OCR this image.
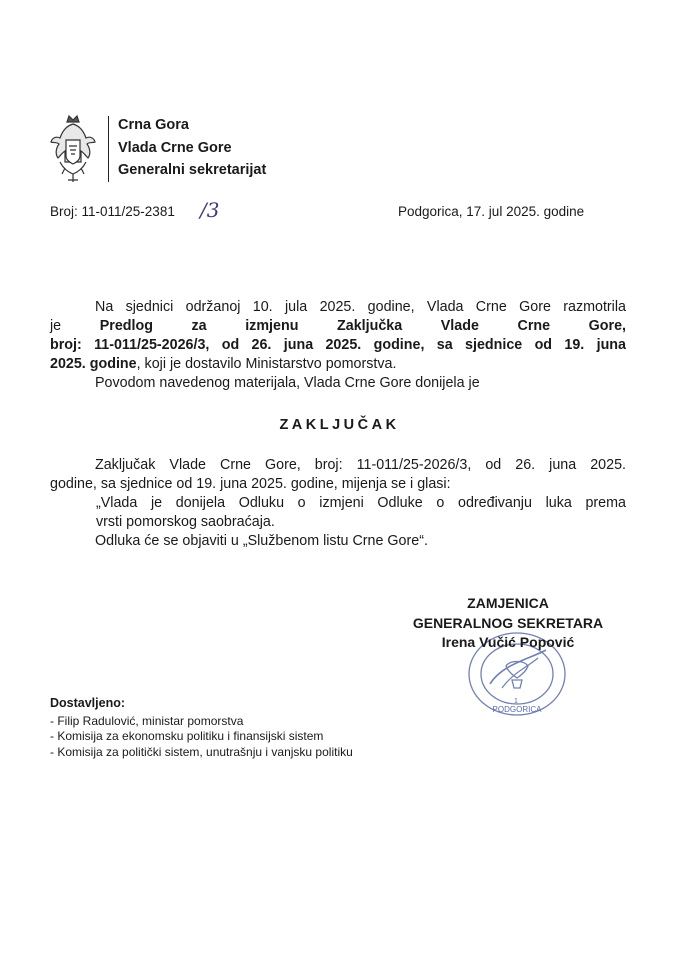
Crna Gora
Vlada Crne Gore
Generalni sekretarijat
Broj: 11-011/25-2381 /3	Podgorica, 17. jul 2025. godine
Na sjednici održanoj 10. jula 2025. godine, Vlada Crne Gore razmotrila
je Predlog za izmjenu Zaključka Vlade Crne Gore,
broj: 11-011/25-2026/3, od 26. juna 2025. godine, sa sjednice od 19. juna
2025. godine, koji je dostavilo Ministarstvo pomorstva.
Povodom navedenog materijala, Vlada Crne Gore donijela je
ZAKLJUČAK
Zaključak Vlade Crne Gore, broj: 11-011/25-2026/3, od 26. juna 2025.
godine, sa sjednice od 19. juna 2025. godine, mijenja se i glasi:
„Vlada je donijela Odluku o izmjeni Odluke o određivanju luka prema
vrsti pomorskog saobraćaja.
Odluka će se objaviti u „Službenom listu Crne Gore“.
1
PODGORICA
ZAMJENICA
GENERALNOG SEKRETARA
Irena Vučić Popović
Dostavljeno:
- Filip Radulović, ministar pomorstva
- Komisija za ekonomsku politiku i finansijski sistem
- Komisija za politički sistem, unutrašnju i vanjsku politiku
